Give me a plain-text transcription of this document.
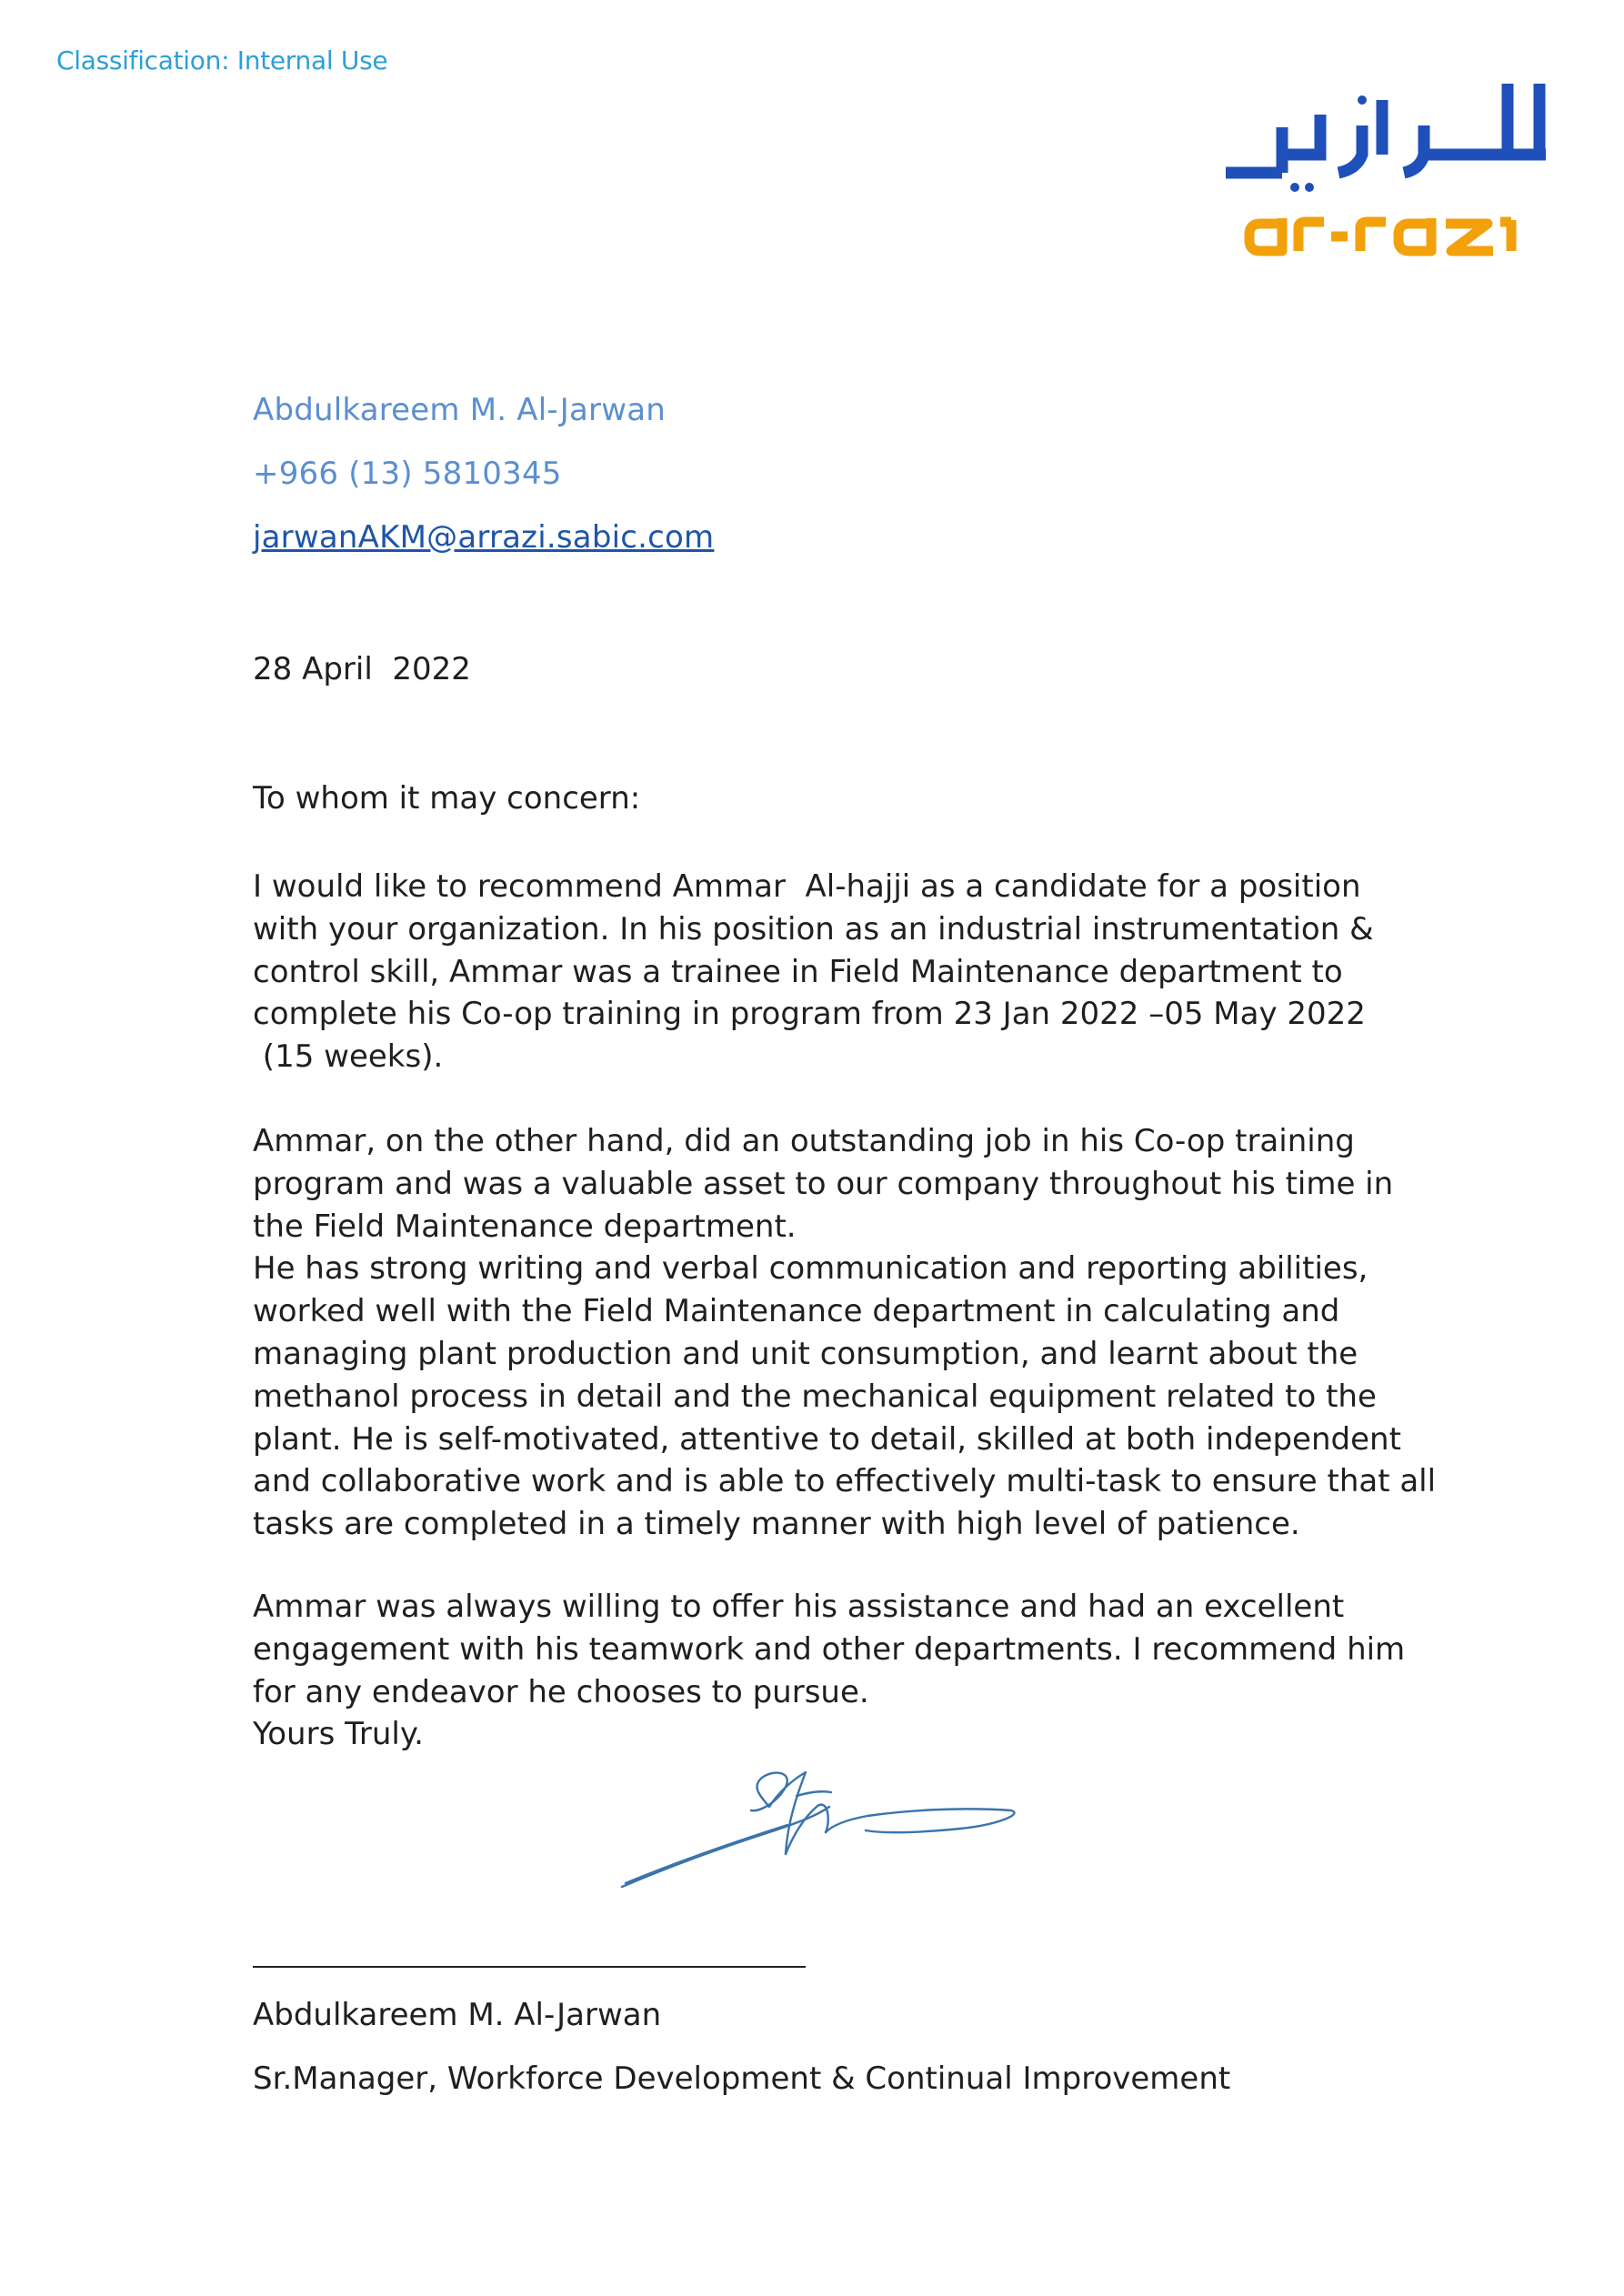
Classification: Internal Use
Abdulkareem M. Al-Jarwan
+966 (13) 5810345
jarwanAKM@arrazi.sabic.com
28 April  2022
To whom it may concern:
I would like to recommend Ammar  Al-hajji as a candidate for a position
with your organization. In his position as an industrial instrumentation &
control skill, Ammar was a trainee in Field Maintenance department to
complete his Co-op training in program from 23 Jan 2022 –05 May 2022
(15 weeks).
Ammar, on the other hand, did an outstanding job in his Co-op training
program and was a valuable asset to our company throughout his time in
the Field Maintenance department.
He has strong writing and verbal communication and reporting abilities,
worked well with the Field Maintenance department in calculating and
managing plant production and unit consumption, and learnt about the
methanol process in detail and the mechanical equipment related to the
plant. He is self-motivated, attentive to detail, skilled at both independent
and collaborative work and is able to effectively multi-task to ensure that all
tasks are completed in a timely manner with high level of patience.
Ammar was always willing to offer his assistance and had an excellent
engagement with his teamwork and other departments. I recommend him
for any endeavor he chooses to pursue.
Yours Truly.
Abdulkareem M. Al-Jarwan
Sr.Manager, Workforce Development & Continual Improvement
